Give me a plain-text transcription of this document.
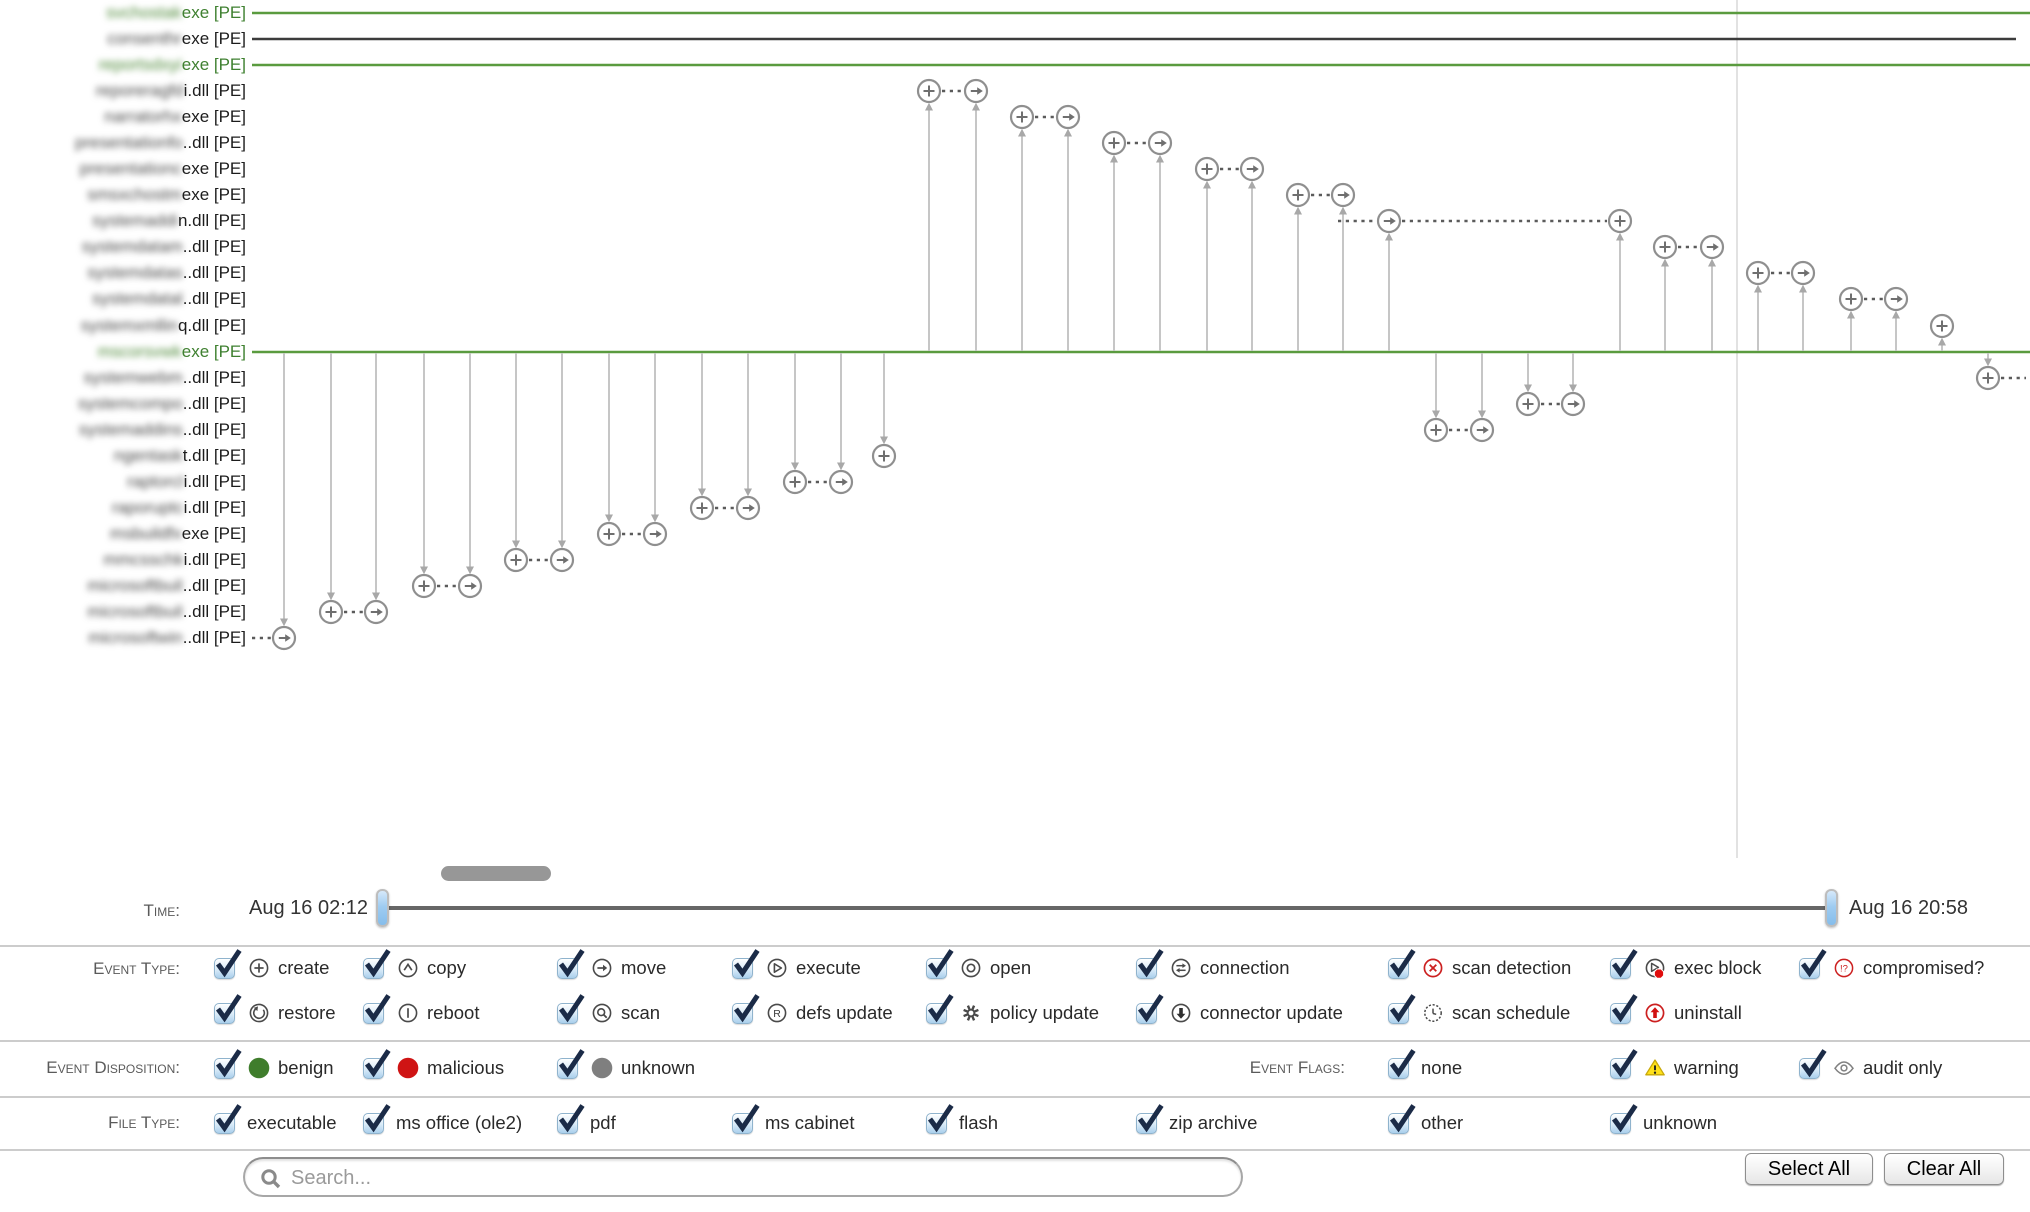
svchostakexe [PE]
consenthrexe [PE]
reportsdxyiexe [PE]
reporeragfdi.dll [PE]
narratorhxexe [PE]
presentationfo..dll [PE]
presentationcexe [PE]
smsxchostmexe [PE]
systemaddin.dll [PE]
systemdatam..dll [PE]
systemdatas..dll [PE]
systemdatal..dll [PE]
systemxmllinq.dll [PE]
mscorsvwkexe [PE]
systemwebm..dll [PE]
systemcompo..dll [PE]
systemaddins..dll [PE]
ngentaskt.dll [PE]
raptorcli.dll [PE]
raporuptci.dll [PE]
msbuildfxexe [PE]
mmcsschki.dll [PE]
microsoftbuil..dll [PE]
microsoftbuil..dll [PE]
microsoftwin..dll [PE]
Time:	Aug 16 02:12	Aug 16 20:58
Event Type:
Event Disposition:	Event Flags:
File Type:
create	copy	move	execute	open	connection	scan detection	exec block	!? compromised?
restore	reboot	scan	R defs update	policy update	connector update	scan schedule	uninstall
benign	malicious	unknown	none	warning	audit only
executable	ms office (ole2)	pdf	ms cabinet	flash	zip archive	other	unknown
Search...
Select All	Clear All
